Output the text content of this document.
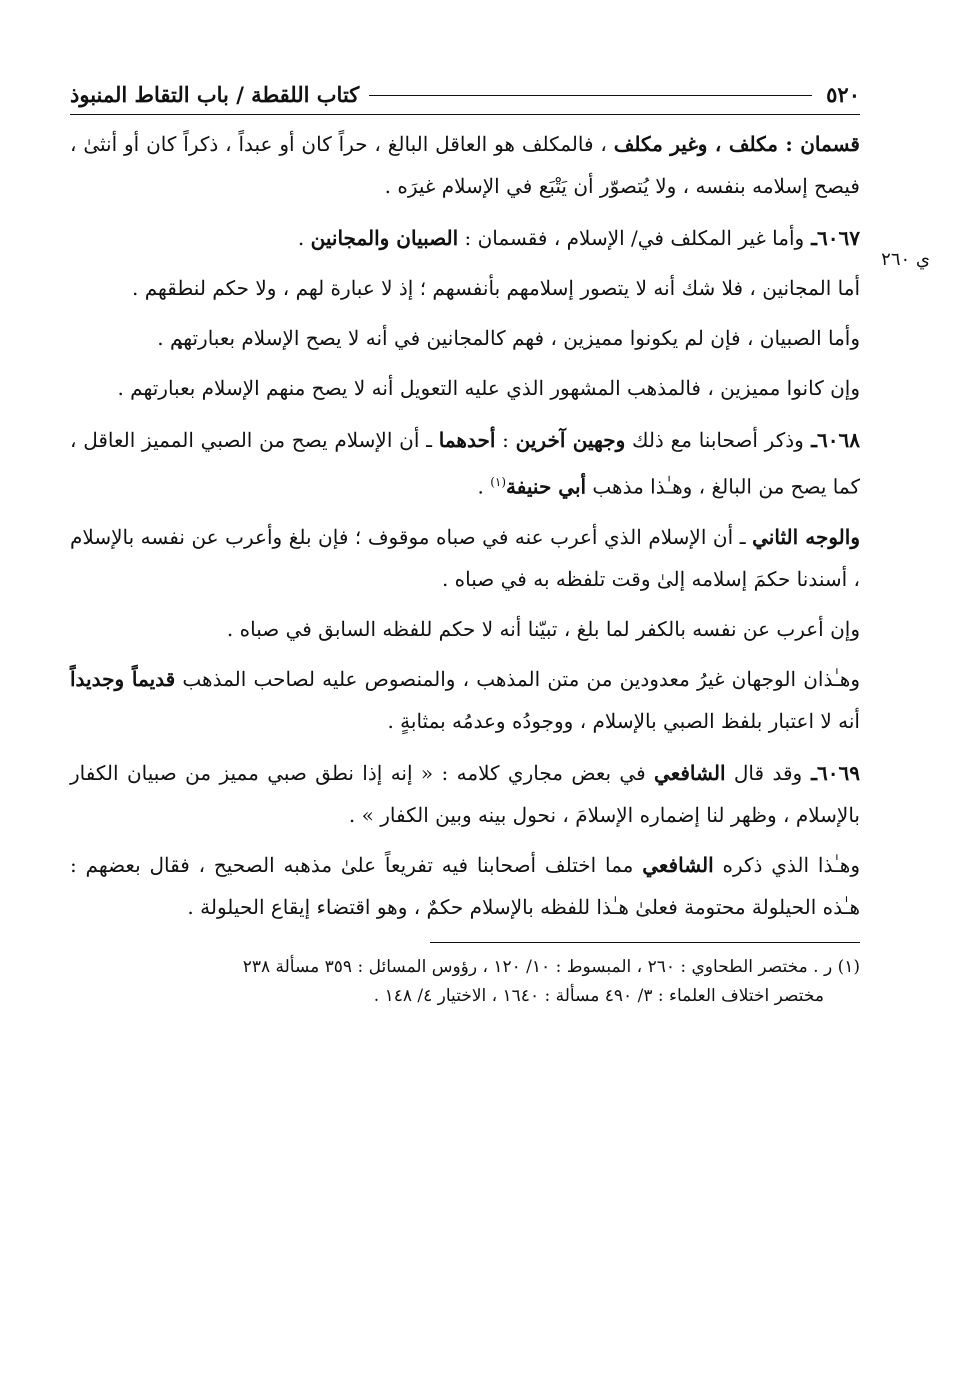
ي ٢٦٠
٥٢٠
كتاب اللقطة / باب التقاط المنبوذ

قسمان : مكلف ، وغير مكلف ، فالمكلف هو العاقل البالغ ، حراً كان أو عبداً ، ذكراً كان أو أنثىٰ ، فيصح إسلامه بنفسه ، ولا يُتصوّر أن يَتْبَع في الإسلام غيرَه .

٦٠٦٧ـ وأما غير المكلف في/ الإسلام ، فقسمان : الصبيان والمجانين .

أما المجانين ، فلا شك أنه لا يتصور إسلامهم بأنفسهم ؛ إذ لا عبارة لهم ، ولا حكم لنطقهم .

وأما الصبيان ، فإن لم يكونوا مميزين ، فهم كالمجانين في أنه لا يصح الإسلام بعبارتهم .

وإن كانوا مميزين ، فالمذهب المشهور الذي عليه التعويل أنه لا يصح منهم الإسلام بعبارتهم .

٦٠٦٨ـ وذكر أصحابنا مع ذلك وجهين آخرين : أحدهما ـ أن الإسلام يصح من الصبي المميز العاقل ، كما يصح من البالغ ، وهـٰذا مذهب أبي حنيفة$^{(١)}$ .

والوجه الثاني ـ أن الإسلام الذي أعرب عنه في صباه موقوف ؛ فإن بلغ وأعرب عن نفسه بالإسلام ، أسندنا حكمَ إسلامه إلىٰ وقت تلفظه به في صباه .

وإن أعرب عن نفسه بالكفر لما بلغ ، تبيّنا أنه لا حكم للفظه السابق في صباه .

وهـٰذان الوجهان غيرُ معدودين من متن المذهب ، والمنصوص عليه لصاحب المذهب قديماً وجديداً أنه لا اعتبار بلفظ الصبي بالإسلام ، ووجودُه وعدمُه بمثابةٍ .

٦٠٦٩ـ وقد قال الشافعي في بعض مجاري كلامه : « إنه إذا نطق صبي مميز من صبيان الكفار بالإسلام ، وظهر لنا إضماره الإسلامَ ، نحول بينه وبين الكفار » .

وهـٰذا الذي ذكره الشافعي مما اختلف أصحابنا فيه تفريعاً علىٰ مذهبه الصحيح ، فقال بعضهم : هـٰذه الحيلولة محتومة فعلىٰ هـٰذا للفظه بالإسلام حكمٌ ، وهو اقتضاء إيقاع الحيلولة .

(١) ر . مختصر الطحاوي : ٢٦٠ ، المبسوط : ١٠/ ١٢٠ ، رؤوس المسائل : ٣٥٩ مسألة ٢٣٨
مختصر اختلاف العلماء : ٣/ ٤٩٠ مسألة : ١٦٤٠ ، الاختيار ٤/ ١٤٨ .
